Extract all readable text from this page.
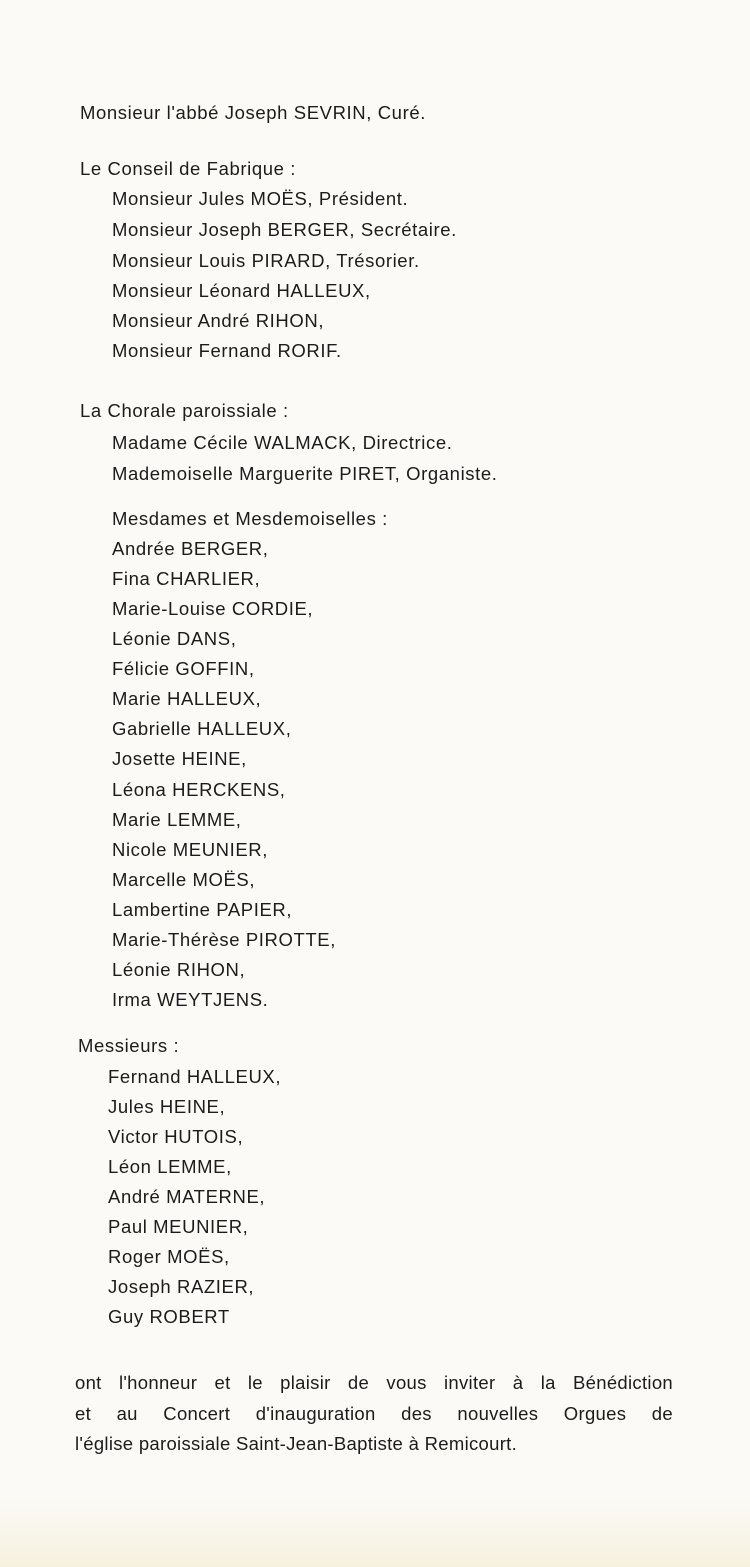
Monsieur l'abbé Joseph SEVRIN, Curé.

Le Conseil de Fabrique :

Monsieur Jules MOËS, Président.

Monsieur Joseph BERGER, Secrétaire.

Monsieur Louis PIRARD, Trésorier.

Monsieur Léonard HALLEUX,

Monsieur André RIHON,

Monsieur Fernand RORIF.

La Chorale paroissiale :

Madame Cécile WALMACK, Directrice.

Mademoiselle Marguerite PIRET, Organiste.

Mesdames et Mesdemoiselles :

Andrée BERGER,

Fina CHARLIER,

Marie-Louise CORDIE,

Léonie DANS,

Félicie GOFFIN,

Marie HALLEUX,

Gabrielle HALLEUX,

Josette HEINE,

Léona HERCKENS,

Marie LEMME,

Nicole MEUNIER,

Marcelle MOËS,

Lambertine PAPIER,

Marie-Thérèse PIROTTE,

Léonie RIHON,

Irma WEYTJENS.

Messieurs :

Fernand HALLEUX,

Jules HEINE,

Victor HUTOIS,

Léon LEMME,

André MATERNE,

Paul MEUNIER,

Roger MOËS,

Joseph RAZIER,

Guy ROBERT

ont l'honneur et le plaisir de vous inviter à la Bénédiction
et au Concert d'inauguration des nouvelles Orgues de
l'église paroissiale Saint-Jean-Baptiste à Remicourt.
